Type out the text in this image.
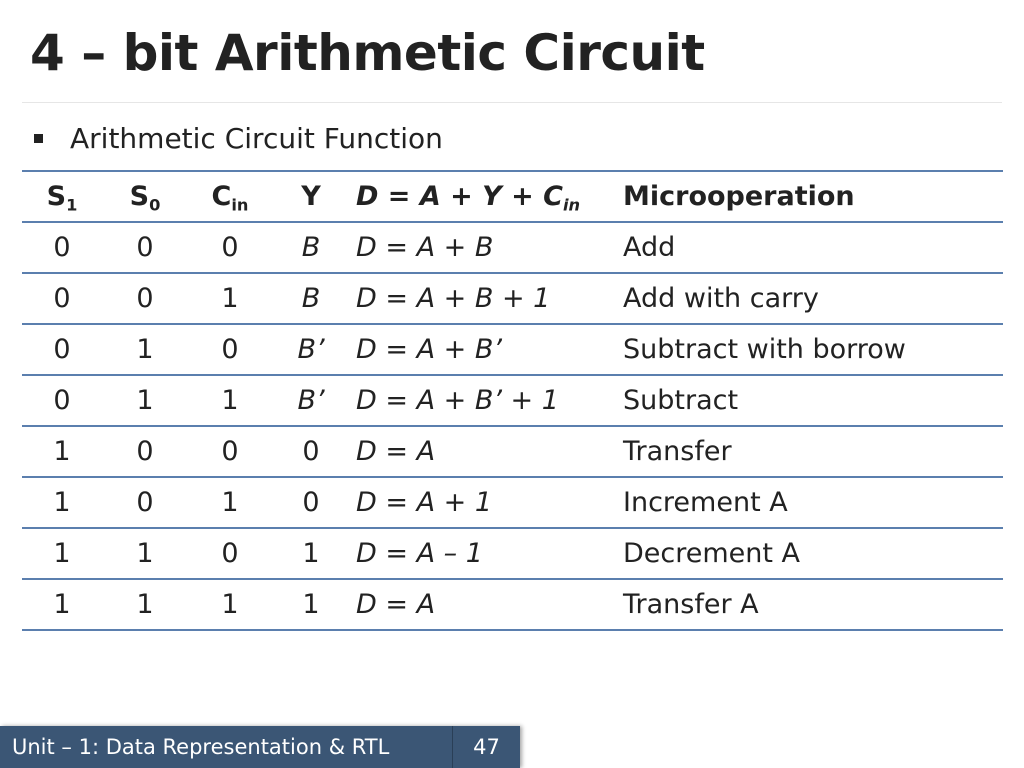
4 – bit Arithmetic Circuit
Arithmetic Circuit Function
$S_1$	$S_0$	$C_{in}$	Y	$D = A + Y + C_{in}$	Microoperation
0	0	0	B	D = A + B	Add
0	0	1	B	D = A + B + 1	Add with carry
0	1	0	B’	D = A + B’	Subtract with borrow
0	1	1	B’	D = A + B’ + 1	Subtract
1	0	0	0	D = A	Transfer
1	0	1	0	D = A + 1	Increment A
1	1	0	1	D = A – 1	Decrement A
1	1	1	1	D = A	Transfer A
Unit – 1: Data Representation & RTL	47
